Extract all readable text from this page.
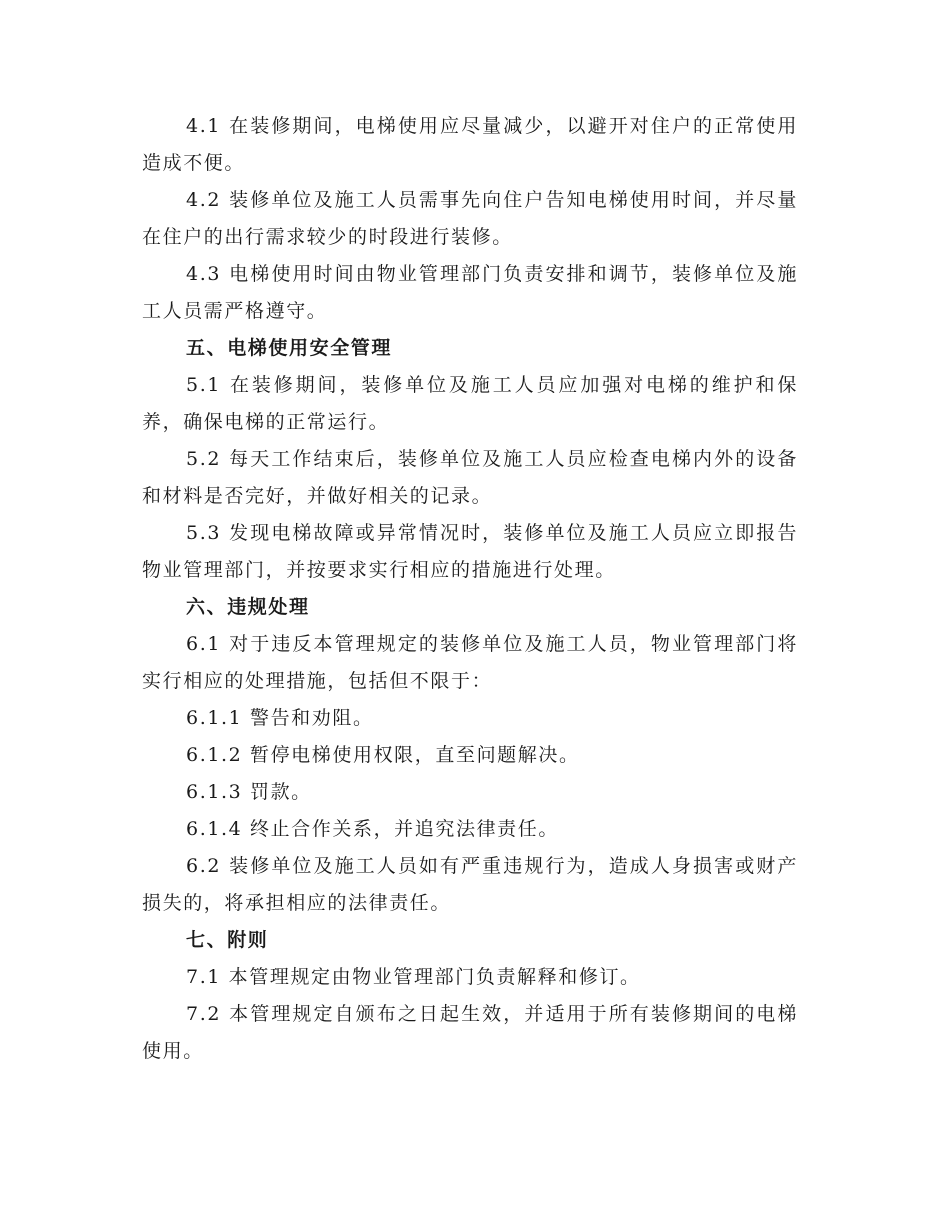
4.1 在装修期间，电梯使用应尽量减少，以避开对住户的正常使用造成不便。

4.2 装修单位及施工人员需事先向住户告知电梯使用时间，并尽量在住户的出行需求较少的时段进行装修。

4.3 电梯使用时间由物业管理部门负责安排和调节，装修单位及施工人员需严格遵守。

五、电梯使用安全管理

5.1 在装修期间，装修单位及施工人员应加强对电梯的维护和保养，确保电梯的正常运行。

5.2 每天工作结束后，装修单位及施工人员应检查电梯内外的设备和材料是否完好，并做好相关的记录。

5.3 发现电梯故障或异常情况时，装修单位及施工人员应立即报告物业管理部门，并按要求实行相应的措施进行处理。

六、违规处理

6.1 对于违反本管理规定的装修单位及施工人员，物业管理部门将实行相应的处理措施，包括但不限于：

6.1.1 警告和劝阻。

6.1.2 暂停电梯使用权限，直至问题解决。

6.1.3 罚款。

6.1.4 终止合作关系，并追究法律责任。

6.2 装修单位及施工人员如有严重违规行为，造成人身损害或财产损失的，将承担相应的法律责任。

七、附则

7.1 本管理规定由物业管理部门负责解释和修订。

7.2 本管理规定自颁布之日起生效，并适用于所有装修期间的电梯使用。
